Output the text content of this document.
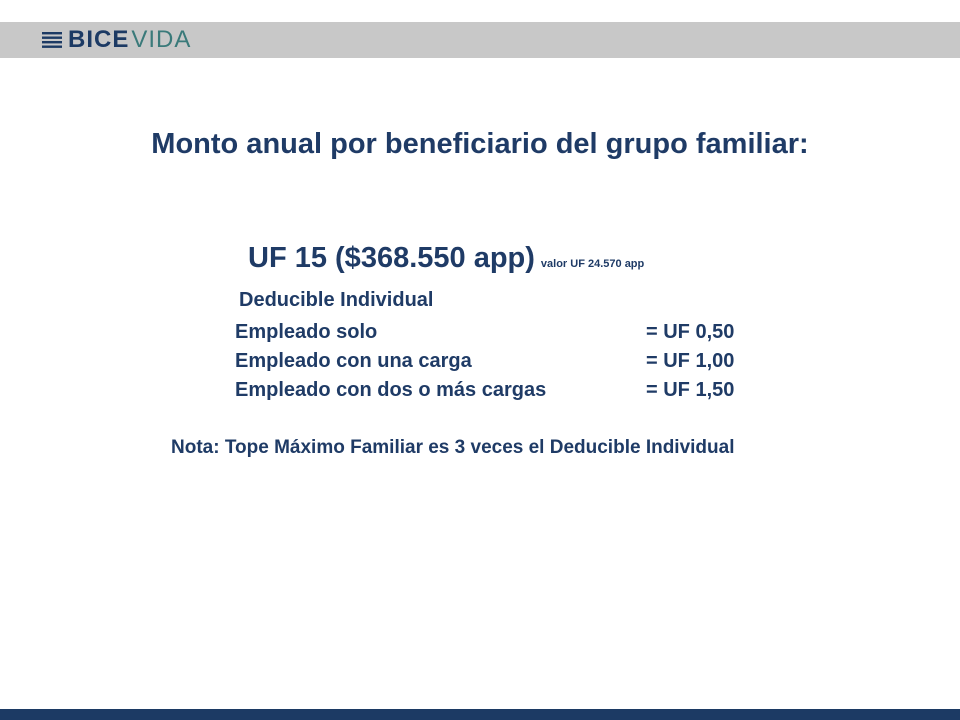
BICE VIDA
Monto anual por beneficiario del grupo familiar:
UF 15 ($368.550 app) valor UF 24.570 app
Deducible Individual
Empleado solo	= UF 0,50
Empleado con una carga	= UF 1,00
Empleado con dos o más cargas	= UF 1,50
Nota: Tope Máximo Familiar es 3 veces el Deducible Individual
